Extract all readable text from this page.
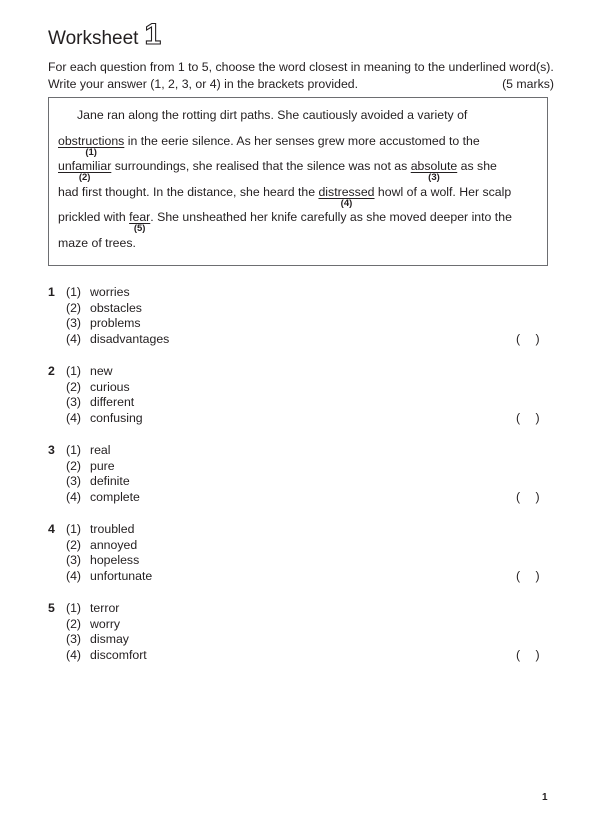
Worksheet 1
For each question from 1 to 5, choose the word closest in meaning to the underlined word(s).
Write your answer (1, 2, 3, or 4) in the brackets provided.	(5 marks)
Jane ran along the rotting dirt paths. She cautiously avoided a variety of
obstructions
(1)
in the eerie silence. As her senses grew more accustomed to the
unfamiliar
(2)
surroundings, she realised that the silence was not as absolute
(3)
as she
had first thought. In the distance, she heard the distressed
(4)
howl of a wolf. Her scalp
prickled with fear
(5)
. She unsheathed her knife carefully as she moved deeper into the
maze of trees.
1 (1) worries
(2) obstacles
(3) problems
(4) disadvantages	( )
2 (1) new
(2) curious
(3) different
(4) confusing	( )
3 (1) real
(2) pure
(3) definite
(4) complete	( )
4 (1) troubled
(2) annoyed
(3) hopeless
(4) unfortunate	( )
5 (1) terror
(2) worry
(3) dismay
(4) discomfort	( )
1
